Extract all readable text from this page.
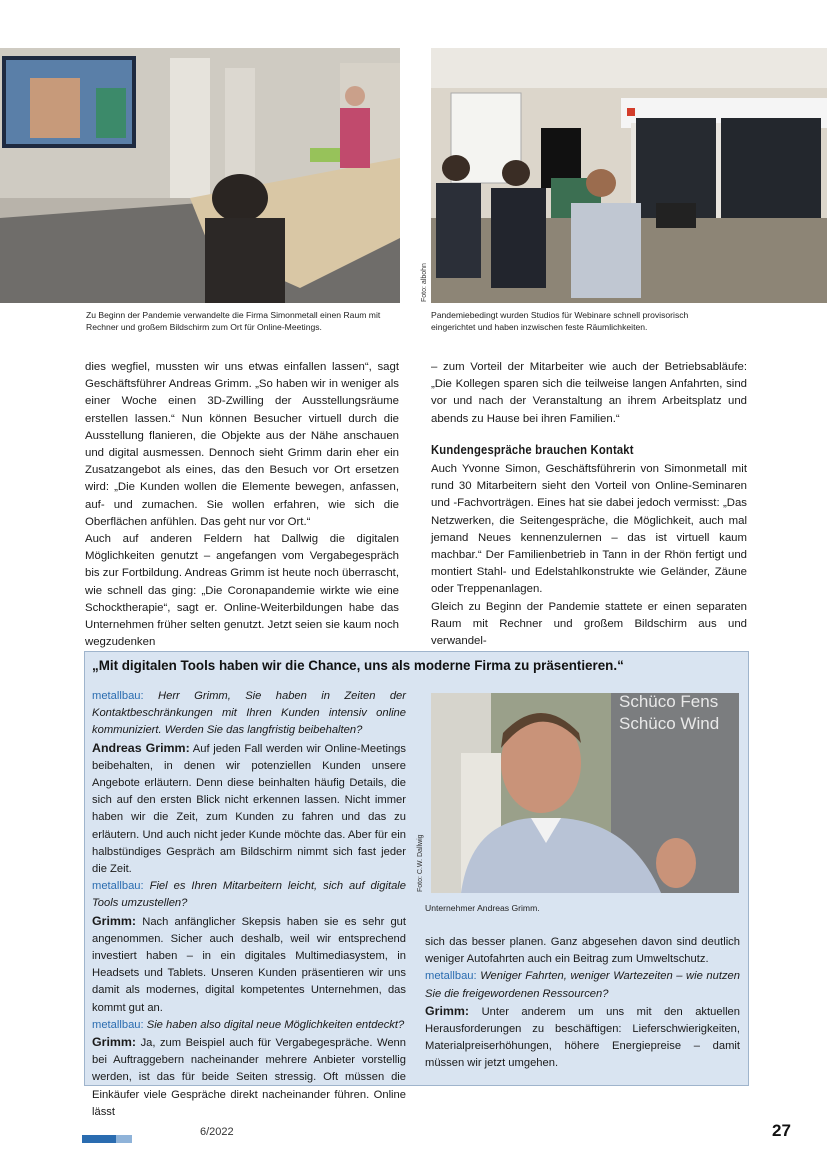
Zu Beginn der Pandemie verwandelte die Firma Simonmetall einen Raum mit Rechner und großem Bildschirm zum Ort für Online-Meetings.
Foto: albohn
Pandemiebedingt wurden Studios für Webinare schnell provisorisch eingerichtet und haben inzwischen feste Räumlichkeiten.

dies wegfiel, mussten wir uns etwas einfallen lassen“, sagt Geschäftsführer Andreas Grimm. „So haben wir in weniger als einer Woche einen 3D-Zwilling der Ausstellungsräume erstellen lassen.“ Nun können Besucher virtuell durch die Ausstellung flanieren, die Objekte aus der Nähe anschauen und digital ausmessen. Dennoch sieht Grimm darin eher ein Zusatzangebot als eines, das den Besuch vor Ort ersetzen wird: „Die Kunden wollen die Elemente bewegen, anfassen, auf- und zumachen. Sie wollen erfahren, wie sich die Oberflächen anfühlen. Das geht nur vor Ort.“

Auch auf anderen Feldern hat Dallwig die digitalen Möglichkeiten genutzt – angefangen vom Vergabegespräch bis zur Fortbildung. Andreas Grimm ist heute noch überrascht, wie schnell das ging: „Die Coronapandemie wirkte wie eine Schocktherapie“, sagt er. Online-Weiterbildungen habe das Unternehmen früher selten genutzt. Jetzt seien sie kaum noch wegzudenken

– zum Vorteil der Mitarbeiter wie auch der Betriebsabläufe: „Die Kollegen sparen sich die teilweise langen Anfahrten, sind vor und nach der Veranstaltung an ihrem Arbeitsplatz und abends zu Hause bei ihren Familien.“

Kundengespräche brauchen Kontakt

Auch Yvonne Simon, Geschäftsführerin von Simonmetall mit rund 30 Mitarbeitern sieht den Vorteil von Online-Seminaren und -Fachvorträgen. Eines hat sie dabei jedoch vermisst: „Das Netzwerken, die Seitengespräche, die Möglichkeit, auch mal jemand Neues kennenzulernen – das ist virtuell kaum machbar.“ Der Familienbetrieb in Tann in der Rhön fertigt und montiert Stahl- und Edelstahlkonstrukte wie Geländer, Zäune oder Treppenanlagen.

Gleich zu Beginn der Pandemie stattete er einen separaten Raum mit Rechner und großem Bildschirm aus und verwandel-

„Mit digitalen Tools haben wir die Chance, uns als moderne Firma zu präsentieren.“

metallbau: Herr Grimm, Sie haben in Zeiten der Kontaktbeschränkungen mit Ihren Kunden intensiv online kommuniziert. Werden Sie das langfristig beibehalten?

Andreas Grimm: Auf jeden Fall werden wir Online-Meetings beibehalten, in denen wir potenziellen Kunden unsere Angebote erläutern. Denn diese beinhalten häufig Details, die sich auf den ersten Blick nicht erkennen lassen. Nicht immer haben wir die Zeit, zum Kunden zu fahren und das zu erläutern. Und auch nicht jeder Kunde möchte das. Aber für ein halbstündiges Gespräch am Bildschirm nimmt sich fast jeder die Zeit.

metallbau: Fiel es Ihren Mitarbeitern leicht, sich auf digitale Tools umzustellen?

Grimm: Nach anfänglicher Skepsis haben sie es sehr gut angenommen. Sicher auch deshalb, weil wir entsprechend investiert haben – in ein digitales Multimediasystem, in Headsets und Tablets. Unseren Kunden präsentieren wir uns damit als modernes, digital kompetentes Unternehmen, das kommt gut an.

metallbau: Sie haben also digital neue Möglichkeiten entdeckt?

Grimm: Ja, zum Beispiel auch für Vergabegespräche. Wenn bei Auftraggebern nacheinander mehrere Anbieter vorstellig werden, ist das für beide Seiten stressig. Oft müssen die Einkäufer viele Gespräche direkt nacheinander führen. Online lässt

Schüco Fens
Schüco Wind
Foto: C.W. Dallwig
Unternehmer Andreas Grimm.

sich das besser planen. Ganz abgesehen davon sind deutlich weniger Autofahrten auch ein Beitrag zum Umweltschutz.

metallbau: Weniger Fahrten, weniger Wartezeiten – wie nutzen Sie die freigewordenen Ressourcen?

Grimm: Unter anderem um uns mit den aktuellen Herausforderungen zu beschäftigen: Lieferschwierigkeiten, Materialpreiserhöhungen, höhere Energiepreise – damit müssen wir jetzt umgehen.

6/2022	27
